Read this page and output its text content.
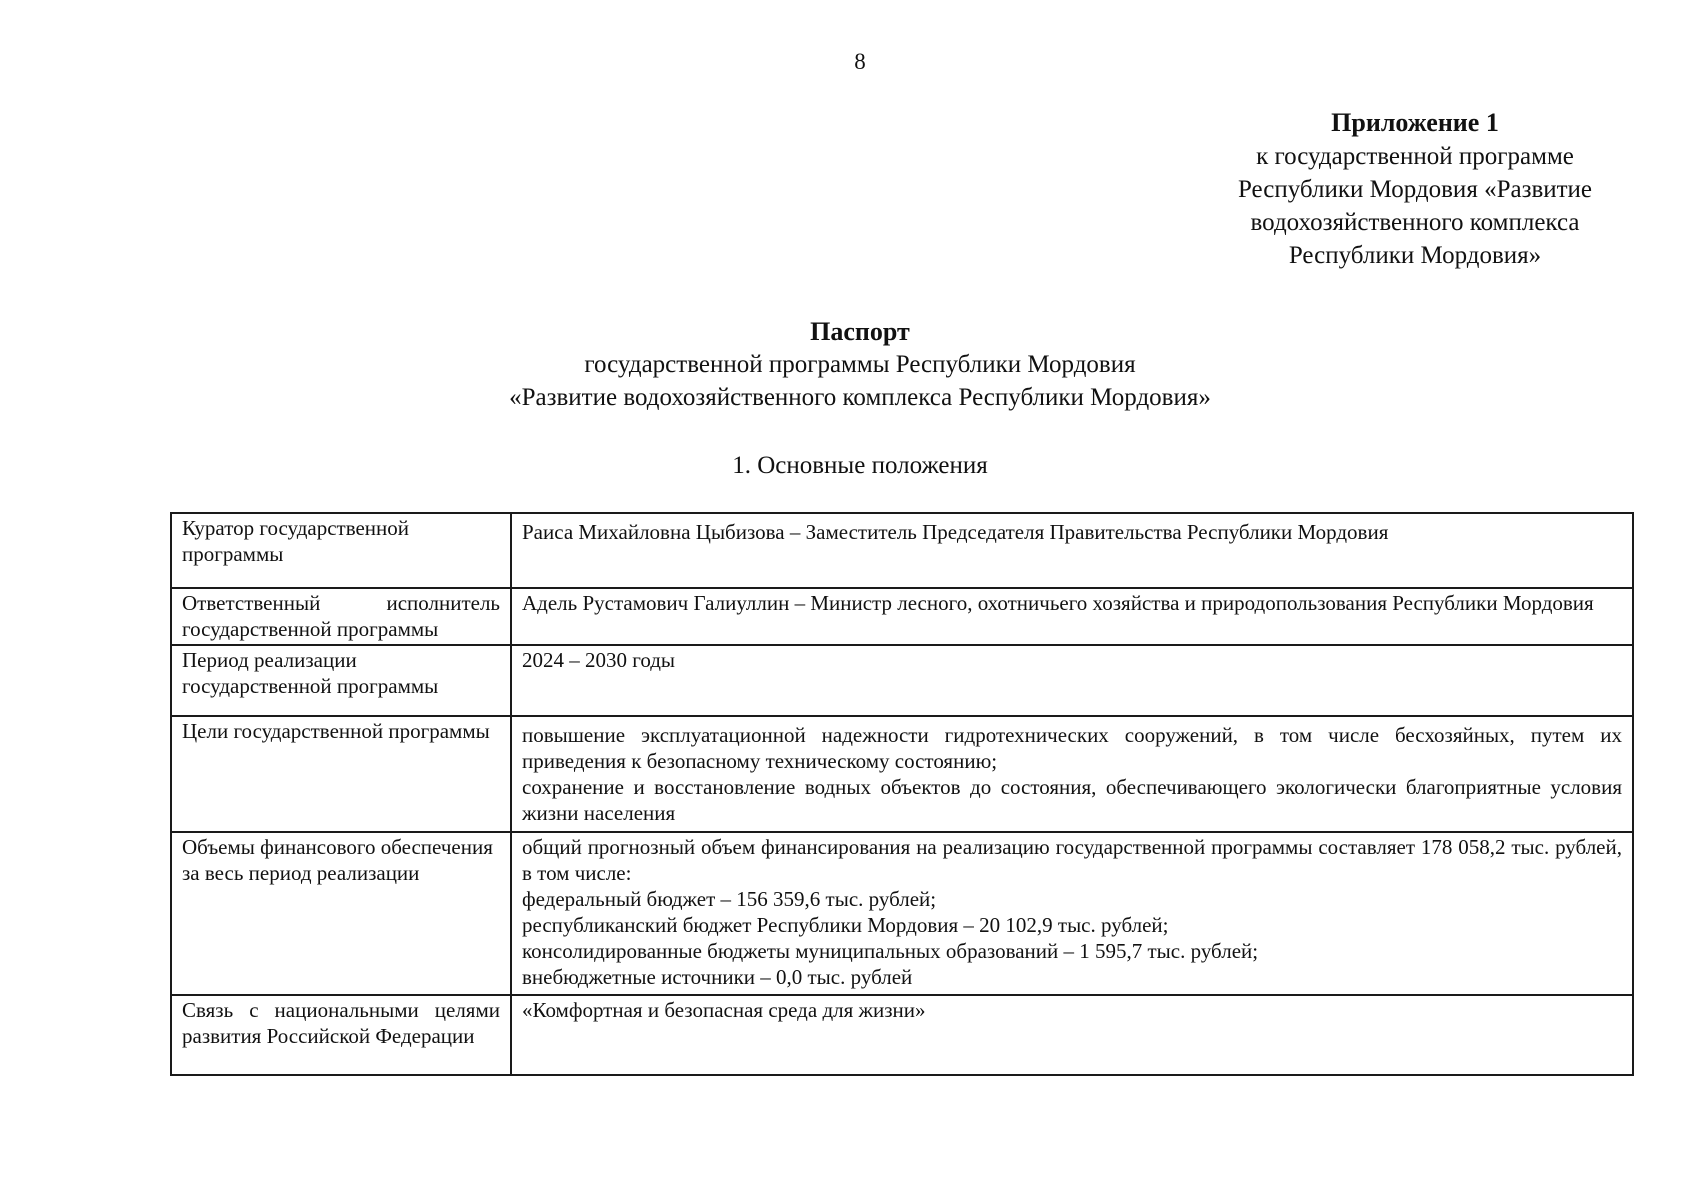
8
Приложение 1
к государственной программе
Республики Мордовия «Развитие
водохозяйственного комплекса
Республики Мордовия»
Паспорт
государственной программы Республики Мордовия
«Развитие водохозяйственного комплекса Республики Мордовия»
1. Основные положения
Куратор государственной программы	Раиса Михайловна Цыбизова – Заместитель Председателя Правительства Республики Мордовия

Ответственный исполнитель государственной программы	Адель Рустамович Галиуллин – Министр лесного, охотничьего хозяйства и природопользования Республики Мордовия

Период реализации государственной программы	2024 – 2030 годы

Цели государственной программы	повышение эксплуатационной надежности гидротехнических сооружений, в том числе бесхозяйных, путем их приведения к безопасному техническому состоянию;
сохранение и восстановление водных объектов до состояния, обеспечивающего экологически благоприятные условия жизни населения

Объемы финансового обеспечения за весь период реализации	общий прогнозный объем финансирования на реализацию государственной программы составляет 178 058,2 тыс. рублей, в том числе:
федеральный бюджет – 156 359,6 тыс. рублей;
республиканский бюджет Республики Мордовия – 20 102,9 тыс. рублей;
консолидированные бюджеты муниципальных образований – 1 595,7 тыс. рублей;
внебюджетные источники – 0,0 тыс. рублей

Связь с национальными целями развития Российской Федерации	«Комфортная и безопасная среда для жизни»
